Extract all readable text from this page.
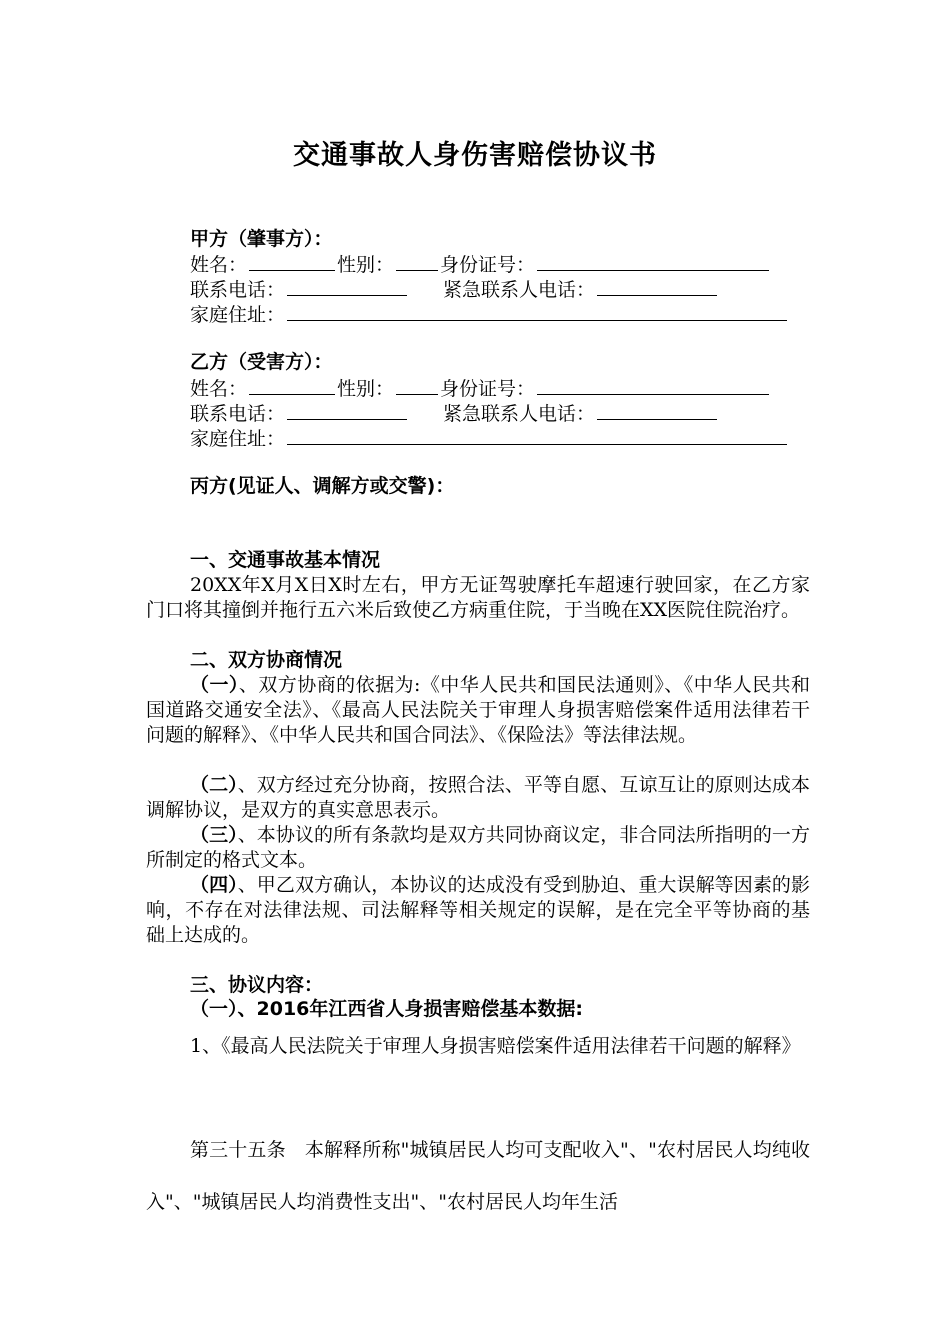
交通事故人身伤害赔偿协议书
甲方（肇事方）：
姓名：	性别： 身份证号：
联系电话：	紧急联系人电话：
家庭住址：
乙方（受害方）：
姓名：	性别： 身份证号：
联系电话：	紧急联系人电话：
家庭住址：
丙方(见证人、调解方或交警)：
一、交通事故基本情况
20XX年X月X日X时左右，甲方无证驾驶摩托车超速行驶回家，在乙方家门口将其撞倒并拖行五六米后致使乙方病重住院，于当晚在XX医院住院治疗。
二、双方协商情况
（一）、双方协商的依据为:《中华人民共和国民法通则》、《中华人民共和国道路交通安全法》、《最高人民法院关于审理人身损害赔偿案件适用法律若干问题的解释》、《中华人民共和国合同法》、《保险法》等法律法规。
（二）、双方经过充分协商，按照合法、平等自愿、互谅互让的原则达成本调解协议，是双方的真实意思表示。
（三）、本协议的所有条款均是双方共同协商议定，非合同法所指明的一方所制定的格式文本。
（四）、甲乙双方确认，本协议的达成没有受到胁迫、重大误解等因素的影响，不存在对法律法规、司法解释等相关规定的误解，是在完全平等协商的基础上达成的。
三、协议内容：
（一）、2016年江西省人身损害赔偿基本数据:
1、《最高人民法院关于审理人身损害赔偿案件适用法律若干问题的解释》
第三十五条　本解释所称"城镇居民人均可支配收入"、"农村居民人均纯收入"、"城镇居民人均消费性支出"、"农村居民人均年生活
